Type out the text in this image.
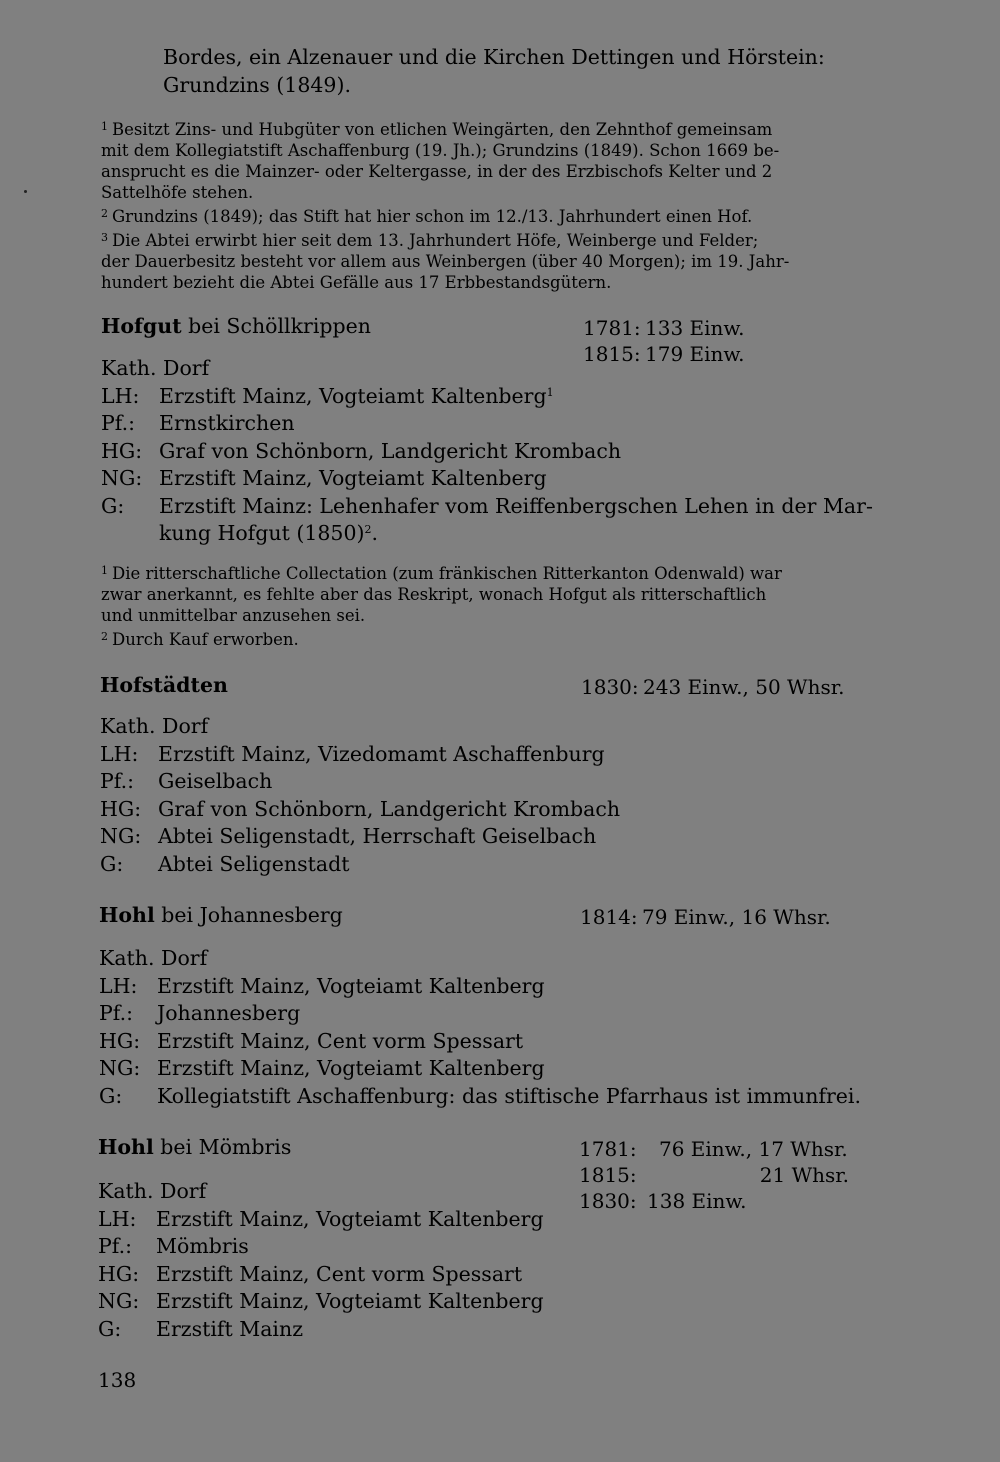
Bordes, ein Alzenauer und die Kirchen Dettingen und Hörstein:
Grundzins (1849).
$^1$ Besitzt Zins- und Hubgüter von etlichen Weingärten, den Zehnthof gemeinsam
mit dem Kollegiatstift Aschaffenburg (19. Jh.); Grundzins (1849). Schon 1669 be-
ansprucht es die Mainzer- oder Keltergasse, in der des Erzbischofs Kelter und 2
Sattelhöfe stehen.
$^2$ Grundzins (1849); das Stift hat hier schon im 12./13. Jahrhundert einen Hof.
$^3$ Die Abtei erwirbt hier seit dem 13. Jahrhundert Höfe, Weinberge und Felder;
der Dauerbesitz besteht vor allem aus Weinbergen (über 40 Morgen); im 19. Jahr-
hundert bezieht die Abtei Gefälle aus 17 Erbbestandsgütern.
Hofgut bei Schöllkrippen	1781: 133 Einw.
1815: 179 Einw.
Kath. Dorf
LH: Erzstift Mainz, Vogteiamt Kaltenberg$^1$
Pf.:	Ernstkirchen
HG: Graf von Schönborn, Landgericht Krombach
NG: Erzstift Mainz, Vogteiamt Kaltenberg
G:	Erzstift Mainz: Lehenhafer vom Reiffenbergschen Lehen in der Mar-
kung Hofgut $(1850)^2$.
$^1$ Die ritterschaftliche Collectation (zum fränkischen Ritterkanton Odenwald) war
zwar anerkannt, es fehlte aber das Reskript, wonach Hofgut als ritterschaftlich
und unmittelbar anzusehen sei.
$^2$ Durch Kauf erworben.
Hofstädten	1830: 243 Einw., 50 Whsr.
Kath. Dorf
LH: Erzstift Mainz, Vizedomamt Aschaffenburg
Pf.:	Geiselbach
HG: Graf von Schönborn, Landgericht Krombach
NG: Abtei Seligenstadt, Herrschaft Geiselbach
G:	Abtei Seligenstadt
Hohl bei Johannesberg	1814: 79 Einw., 16 Whsr.
Kath. Dorf
LH: Erzstift Mainz, Vogteiamt Kaltenberg
Pf.:	Johannesberg
HG: Erzstift Mainz, Cent vorm Spessart
NG: Erzstift Mainz, Vogteiamt Kaltenberg
G:	Kollegiatstift Aschaffenburg: das stiftische Pfarrhaus ist immunfrei.
Hohl bei Mömbris	1781:	76 Einw., 17 Whsr.
1815:	21 Whsr.
1830: 138 Einw.
Kath. Dorf
LH: Erzstift Mainz, Vogteiamt Kaltenberg
Pf.:	Mömbris
HG: Erzstift Mainz, Cent vorm Spessart
NG: Erzstift Mainz, Vogteiamt Kaltenberg
G:	Erzstift Mainz
138
